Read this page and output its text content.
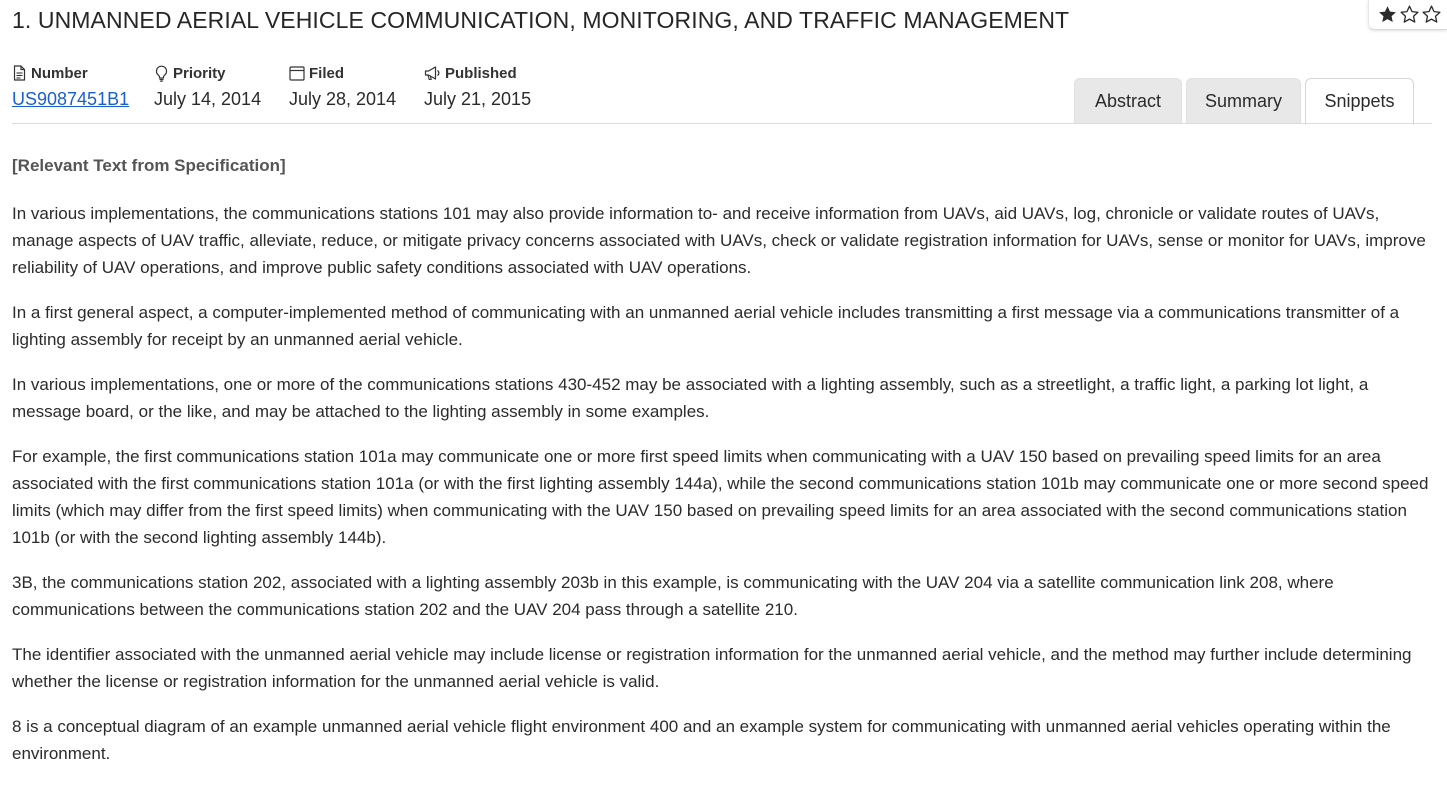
1. UNMANNED AERIAL VEHICLE COMMUNICATION, MONITORING, AND TRAFFIC MANAGEMENT
Number
US9087451B1
Priority
July 14, 2014
Filed
July 28, 2014
Published
July 21, 2015	Abstract	Summary	Snippets
[Relevant Text from Specification]

In various implementations, the communications stations 101 may also provide information to- and receive information from UAVs, aid UAVs, log, chronicle or validate routes of UAVs, manage aspects of UAV traffic, alleviate, reduce, or mitigate privacy concerns associated with UAVs, check or validate registration information for UAVs, sense or monitor for UAVs, improve reliability of UAV operations, and improve public safety conditions associated with UAV operations.

In a first general aspect, a computer-implemented method of communicating with an unmanned aerial vehicle includes transmitting a first message via a communications transmitter of a lighting assembly for receipt by an unmanned aerial vehicle.

In various implementations, one or more of the communications stations 430-452 may be associated with a lighting assembly, such as a streetlight, a traffic light, a parking lot light, a message board, or the like, and may be attached to the lighting assembly in some examples.

For example, the first communications station 101a may communicate one or more first speed limits when communicating with a UAV 150 based on prevailing speed limits for an area associated with the first communications station 101a (or with the first lighting assembly 144a), while the second communications station 101b may communicate one or more second speed limits (which may differ from the first speed limits) when communicating with the UAV 150 based on prevailing speed limits for an area associated with the second communications station 101b (or with the second lighting assembly 144b).

3B, the communications station 202, associated with a lighting assembly 203b in this example, is communicating with the UAV 204 via a satellite communication link 208, where communications between the communications station 202 and the UAV 204 pass through a satellite 210.

The identifier associated with the unmanned aerial vehicle may include license or registration information for the unmanned aerial vehicle, and the method may further include determining whether the license or registration information for the unmanned aerial vehicle is valid.

8 is a conceptual diagram of an example unmanned aerial vehicle flight environment 400 and an example system for communicating with unmanned aerial vehicles operating within the environment.
